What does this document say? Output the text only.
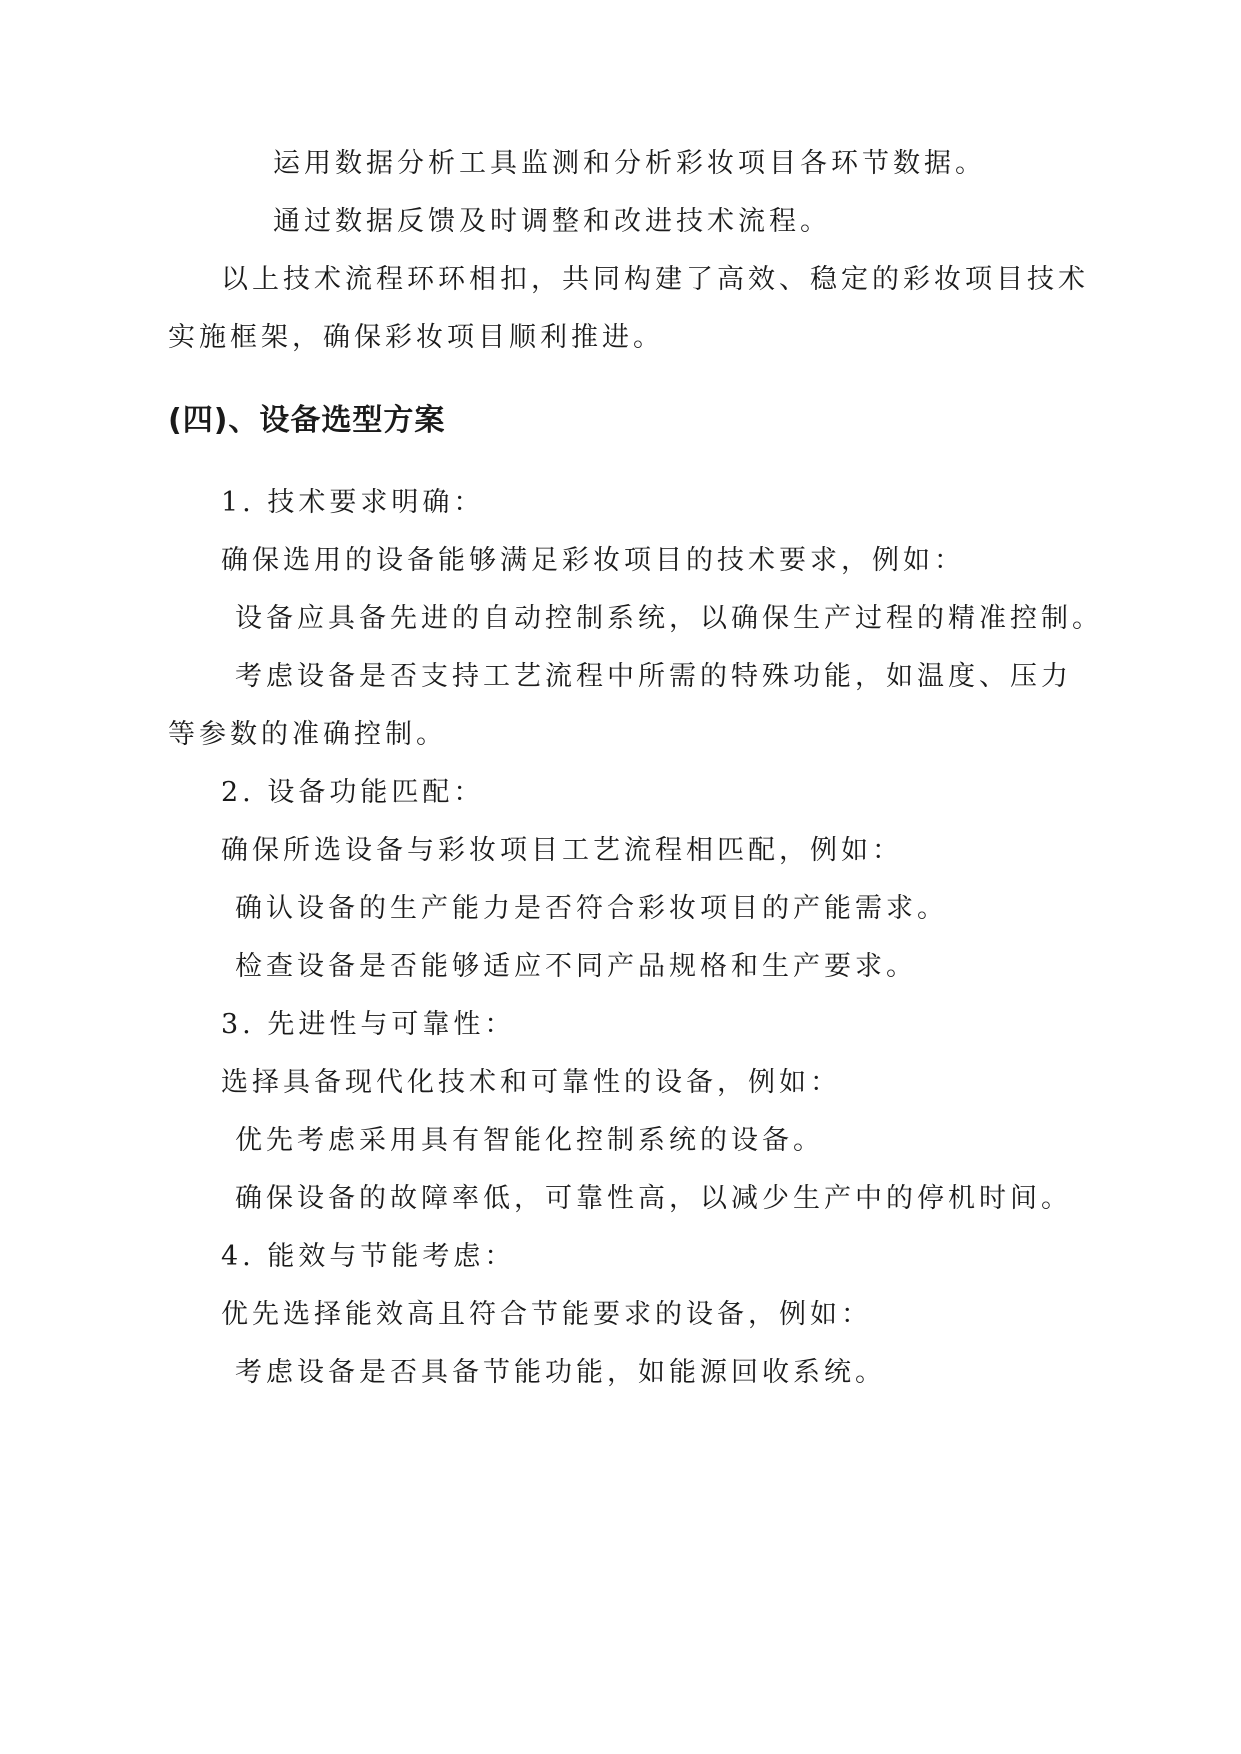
运用数据分析工具监测和分析彩妆项目各环节数据。
通过数据反馈及时调整和改进技术流程。
以上技术流程环环相扣，共同构建了高效、稳定的彩妆项目技术
实施框架，确保彩妆项目顺利推进。
(四)、设备选型方案
1. 技术要求明确：
确保选用的设备能够满足彩妆项目的技术要求，例如：
设备应具备先进的自动控制系统，以确保生产过程的精准控制。
考虑设备是否支持工艺流程中所需的特殊功能，如温度、压力
等参数的准确控制。
2. 设备功能匹配：
确保所选设备与彩妆项目工艺流程相匹配，例如：
确认设备的生产能力是否符合彩妆项目的产能需求。
检查设备是否能够适应不同产品规格和生产要求。
3. 先进性与可靠性：
选择具备现代化技术和可靠性的设备，例如：
优先考虑采用具有智能化控制系统的设备。
确保设备的故障率低，可靠性高，以减少生产中的停机时间。
4. 能效与节能考虑：
优先选择能效高且符合节能要求的设备，例如：
考虑设备是否具备节能功能，如能源回收系统。
